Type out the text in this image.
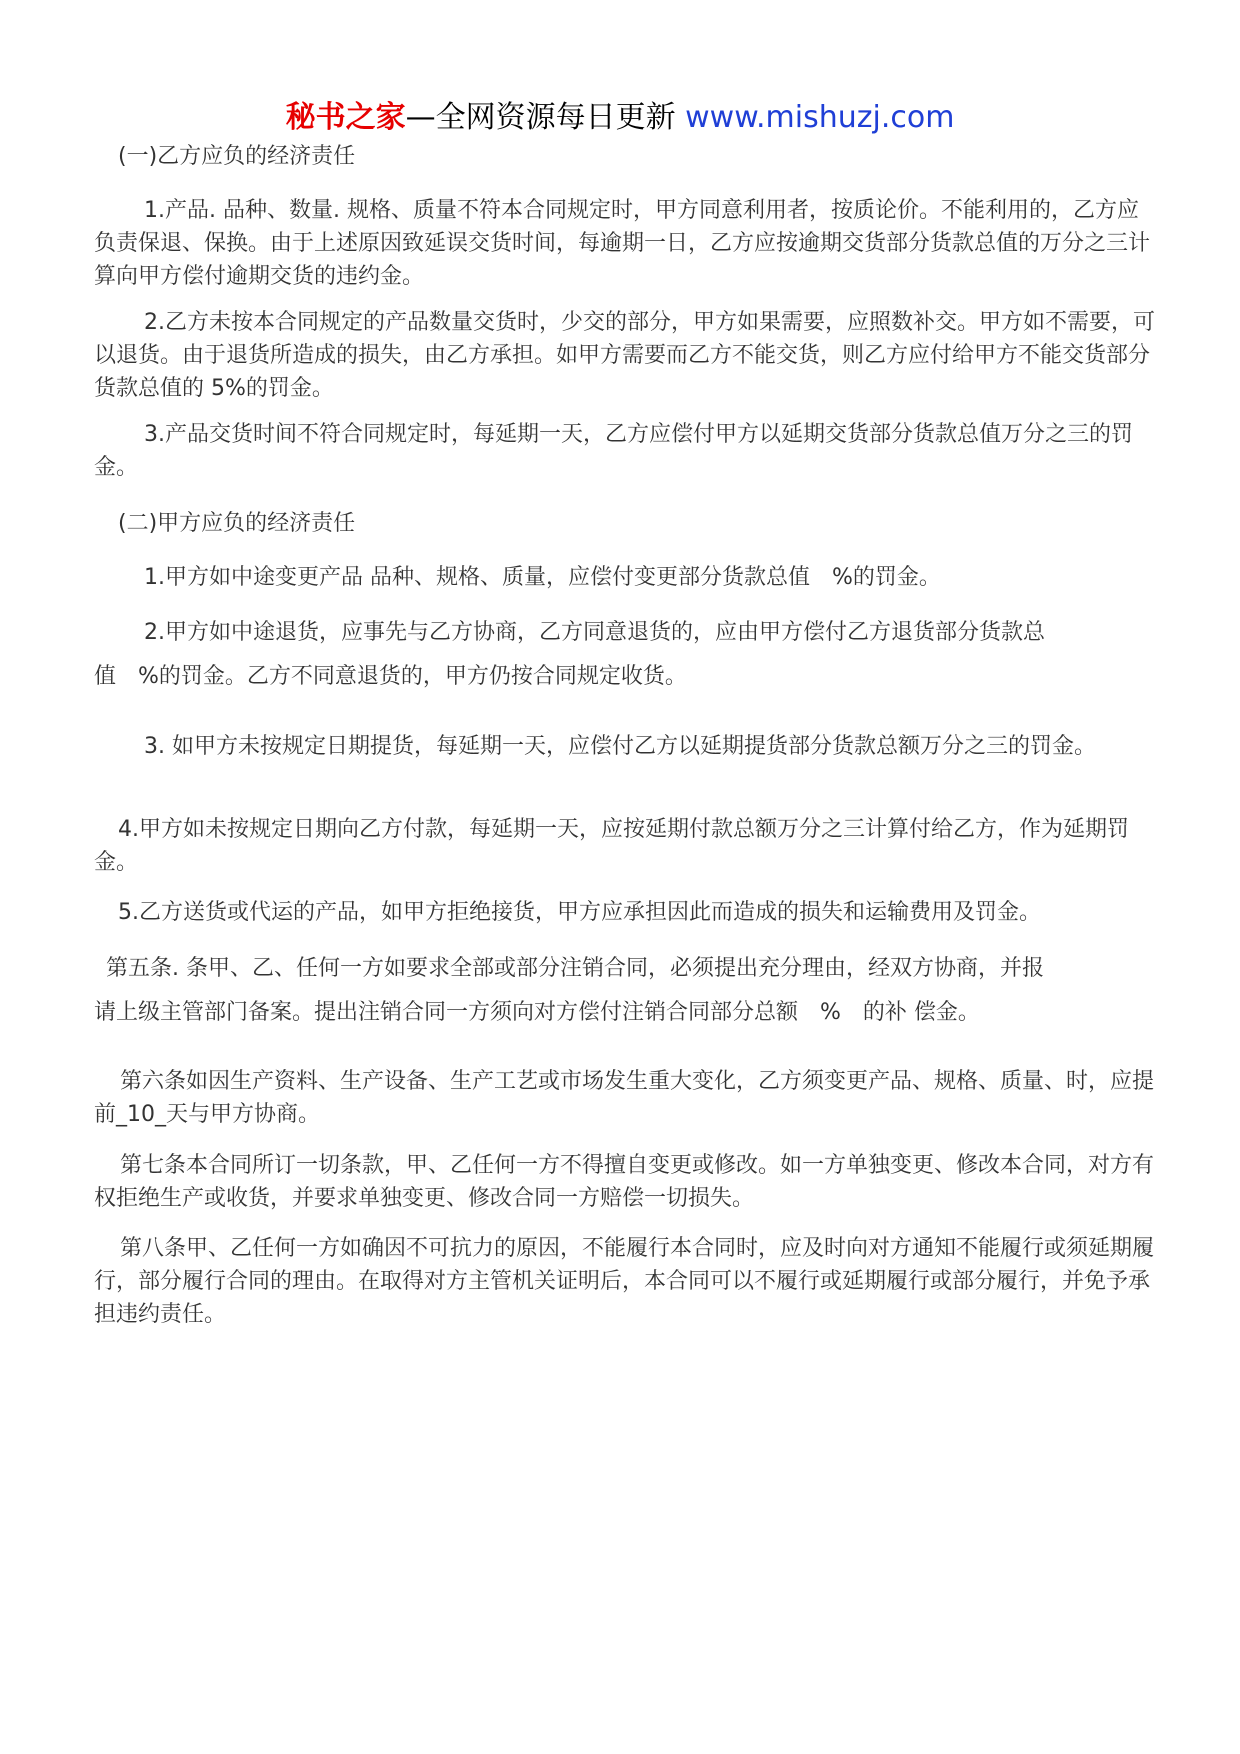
秘书之家—全网资源每日更新 www.mishuzj.com

(一)乙方应负的经济责任

1.产品. 品种、数量. 规格、质量不符本合同规定时，甲方同意利用者，按质论价。不能利用的，乙方应负责保退、保换。由于上述原因致延误交货时间，每逾期一日，乙方应按逾期交货部分货款总值的万分之三计算向甲方偿付逾期交货的违约金。

2.乙方未按本合同规定的产品数量交货时，少交的部分，甲方如果需要，应照数补交。甲方如不需要，可以退货。由于退货所造成的损失，由乙方承担。如甲方需要而乙方不能交货，则乙方应付给甲方不能交货部分货款总值的 5%的罚金。

3.产品交货时间不符合同规定时，每延期一天，乙方应偿付甲方以延期交货部分货款总值万分之三的罚金。

(二)甲方应负的经济责任

1.甲方如中途变更产品 品种、规格、质量，应偿付变更部分货款总值　%的罚金。

2.甲方如中途退货，应事先与乙方协商，乙方同意退货的，应由甲方偿付乙方退货部分货款总

值　%的罚金。乙方不同意退货的，甲方仍按合同规定收货。

3. 如甲方未按规定日期提货，每延期一天，应偿付乙方以延期提货部分货款总额万分之三的罚金。

4.甲方如未按规定日期向乙方付款，每延期一天，应按延期付款总额万分之三计算付给乙方，作为延期罚金。

5.乙方送货或代运的产品，如甲方拒绝接货，甲方应承担因此而造成的损失和运输费用及罚金。

第五条. 条甲、乙、任何一方如要求全部或部分注销合同，必须提出充分理由，经双方协商，并报

请上级主管部门备案。提出注销合同一方须向对方偿付注销合同部分总额　%　的补 偿金。

第六条如因生产资料、生产设备、生产工艺或市场发生重大变化，乙方须变更产品、规格、质量、时，应提前_10_天与甲方协商。

第七条本合同所订一切条款，甲、乙任何一方不得擅自变更或修改。如一方单独变更、修改本合同，对方有权拒绝生产或收货，并要求单独变更、修改合同一方赔偿一切损失。

第八条甲、乙任何一方如确因不可抗力的原因，不能履行本合同时，应及时向对方通知不能履行或须延期履行，部分履行合同的理由。在取得对方主管机关证明后，本合同可以不履行或延期履行或部分履行，并免予承担违约责任。
